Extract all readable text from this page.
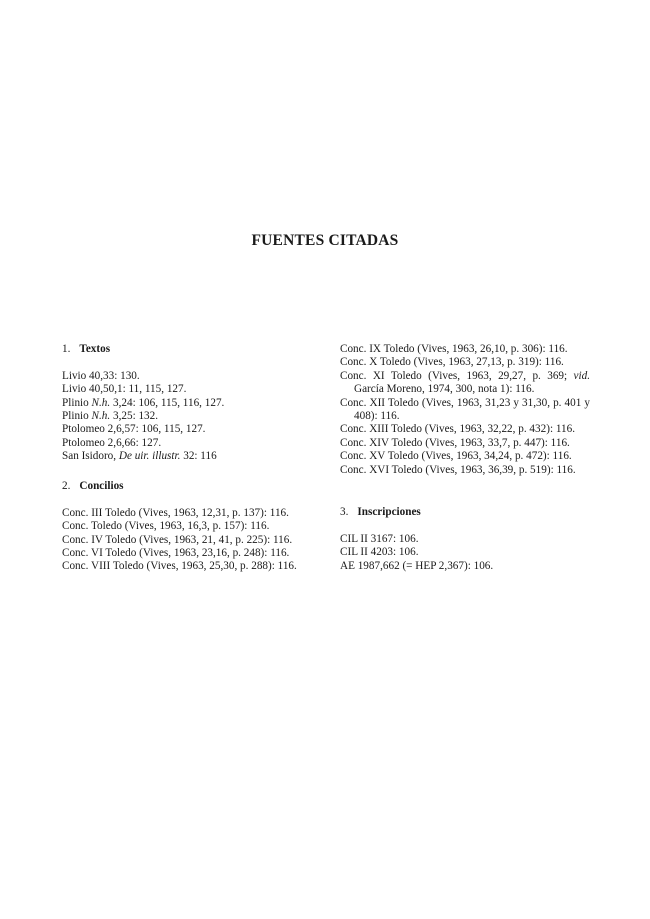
FUENTES CITADAS

1. Textos

Livio 40,33: 130.

Livio 40,50,1: 11, 115, 127.

Plinio N.h. 3,24: 106, 115, 116, 127.

Plinio N.h. 3,25: 132.

Ptolomeo 2,6,57: 106, 115, 127.

Ptolomeo 2,6,66: 127.

San Isidoro, De uir. illustr. 32: 116

2. Concilios

Conc. III Toledo (Vives, 1963, 12,31, p. 137): 116.

Conc. Toledo (Vives, 1963, 16,3, p. 157): 116.

Conc. IV Toledo (Vives, 1963, 21, 41, p. 225): 116.

Conc. VI Toledo (Vives, 1963, 23,16, p. 248): 116.

Conc. VIII Toledo (Vives, 1963, 25,30, p. 288): 116.

Conc. IX Toledo (Vives, 1963, 26,10, p. 306): 116.

Conc. X Toledo (Vives, 1963, 27,13, p. 319): 116.

Conc. XI Toledo (Vives, 1963, 29,27, p. 369; vid. García Moreno, 1974, 300, nota 1): 116.

Conc. XII Toledo (Vives, 1963, 31,23 y 31,30, p. 401 y 408): 116.

Conc. XIII Toledo (Vives, 1963, 32,22, p. 432): 116.

Conc. XIV Toledo (Vives, 1963, 33,7, p. 447): 116.

Conc. XV Toledo (Vives, 1963, 34,24, p. 472): 116.

Conc. XVI Toledo (Vives, 1963, 36,39, p. 519): 116.

3. Inscripciones

CIL II 3167: 106.

CIL II 4203: 106.

AE 1987,662 (= HEP 2,367): 106.
